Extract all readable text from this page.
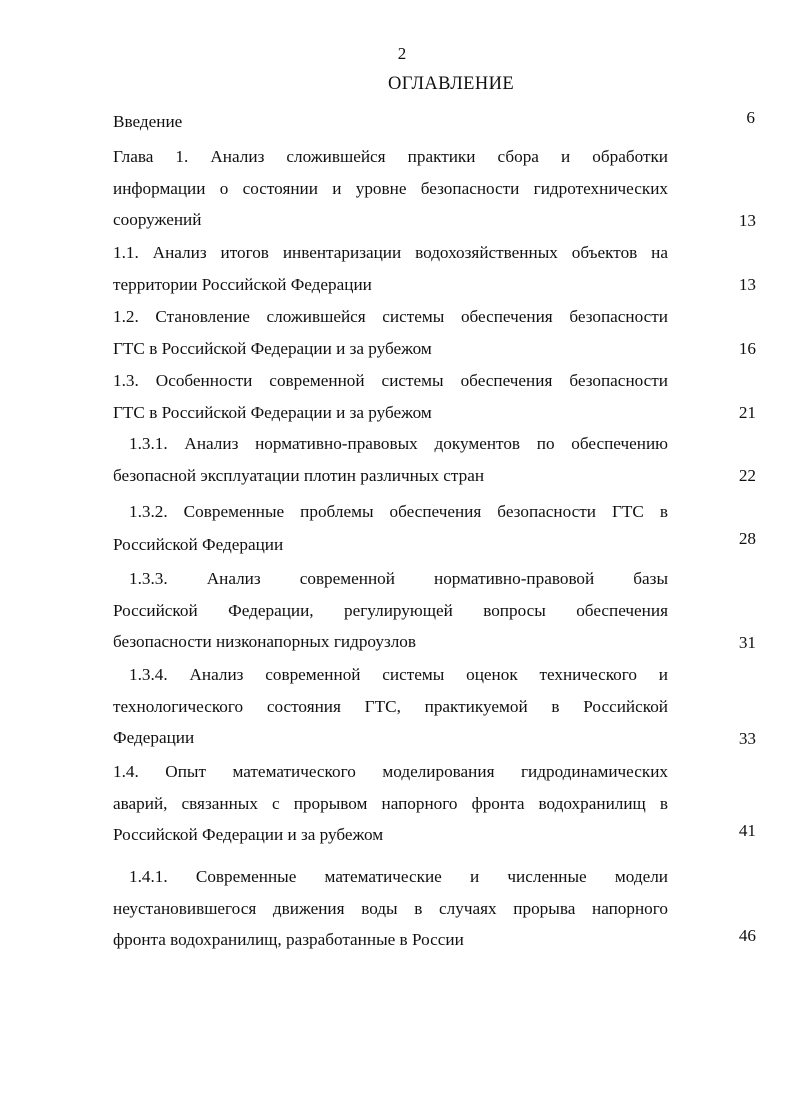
2
ОГЛАВЛЕНИЕ
Введение	6
Глава 1. Анализ сложившейся практики сбора и обработки
информации о состоянии и уровне безопасности гидротехнических
сооружений	13
1.1. Анализ итогов инвентаризации водохозяйственных объектов на
территории Российской Федерации	13
1.2. Становление сложившейся системы обеспечения безопасности
ГТС в Российской Федерации и за рубежом	16
1.3. Особенности современной системы обеспечения безопасности
ГТС в Российской Федерации и за рубежом	21
1.3.1. Анализ нормативно-правовых документов по обеспечению
безопасной эксплуатации плотин различных стран	22
1.3.2. Современные проблемы обеспечения безопасности ГТС в
Российской Федерации	28
1.3.3. Анализ современной нормативно-правовой базы
Российской Федерации, регулирующей вопросы обеспечения
безопасности низконапорных гидроузлов	31
1.3.4. Анализ современной системы оценок технического и
технологического состояния ГТС, практикуемой в Российской
Федерации	33
1.4. Опыт математического моделирования гидродинамических
аварий, связанных с прорывом напорного фронта водохранилищ в
Российской Федерации и за рубежом	41
1.4.1. Современные математические и численные модели
неустановившегося движения воды в случаях прорыва напорного
фронта водохранилищ, разработанные в России	46
